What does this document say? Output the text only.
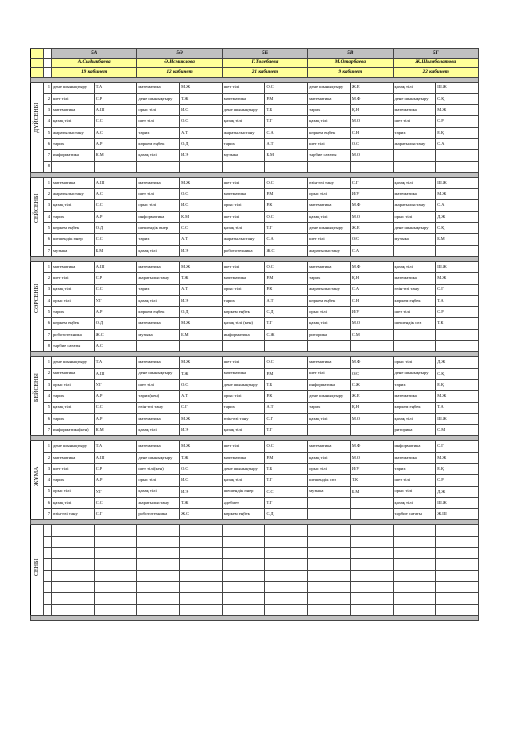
		5А		5Ә		5Б		5В		5Г	
		А.Сыдыкбаева		Ә.Исмиклова		Г.Толебаева		М.Отарбаева		Ж.Шымболатова	
		19 кабинет		12 кабинет		21 кабинет		9 кабинет		22 кабинет	

ДҮЙСЕНБІ	1	дене шынықтыру	Т.А	математика	М.Ж	шет тілі	О.С	дене шынықтыру	Ж.Е	қазақ тілі	Ш.Ж
	2	шет тілі	С.Р	дене шынықтыру	Т.Ж	математика	Р.М	математика	М.Ф	дене шынықтыру	С.Қ
	3	математика	А.Ш	орыс тілі	И.С	дене шынықтыру	Т.Б	тарих	Қ.Н	математика	М.Ж
	4	қазақ тілі	С.С	шет тілі	О.С	қазақ тілі	Т.Г	қазақ тілі	М.О	шет тілі	С.Р
	5	жаратылыстану	А.С	тарих	А.Т	жаратылыстану	С.А	көркем еңбек	С.Н	тарих	Е.Қ
	6	тарих	А.Р	көркем еңбек	О.Д	тарих	А.Т	шет тілі	О.С	жаратылыстану	С.А
	7	информатика	К.М	қазақ тілі	И.Э	музыка	Б.М	тәрбие сағаты	М.О		
	8										

СЕЙСЕНБІ	1	математика	А.Ш	математика	М.Ж	шет тілі	О.С	өзін-өзі тану	С.Г	қазақ тілі	Ш.Ж
	2	жаратылыстану	А.С	шет тілі	О.С	математика	Р.М	орыс тілі	И/У	математика	М.Ж
	3	қазақ тілі	С.С	орыс тілі	И.С	орыс тілі	Р.К	математика	М.Ф	жаратылыстану	С.А
	4	тарих	А.Р	информатика	К.М	шет тілі	О.С	қазақ тілі	М.О	орыс тілі	Д.Ж
	5	көркем еңбек	О.Д	шешендік өнер	С.С	қазақ тілі	Т.Г	дене шынықтыру	Ж.Е	дене шынықтыру	С.Қ
	6	шешендік өнер	С.С	тарих	А.Т	жаратылыстану	С.А	шет тілі	О/С	музыка	Б.М
	7	музыка	Б.М	қазақ тілі	И.Э	робототехника	Ж.С	жаратылыстану	С.А		

СӘРСЕНБІ	1	математика	А.Ш	математика	М.Ж	шет тілі	О.С	математика	М.Ф	қазақ тілі	Ш.Ж
	2	шет тілі	С.Р	жаратылыстану	Т.Ж	математика	Р.М	тарих	Қ.Н	математика	М.Ж
	3	қазақ тілі	С.С	тарих	А.Т	орыс тілі	Р.К	жаратылыстану	С.А	өзін-өзі тану	С.Г
	4	орыс тілі	У.Г	қазақ тілі	И.Э	тарих	А.Т	көркем еңбек	С.Н	көркем еңбек	Т.А
	5	тарих	А.Р	көркем еңбек	О.Д	көркем еңбек	С.Д	орыс тілі	И/У	шет тілі	С.Р
	6	көркем еңбек	О.Д	математика	М.Ж	қазақ тілі (кен)	Т.Г	қазақ тілі	М.О	шешендік сөз	Т.К
	7	робототехника	Ж.С	музыка	Б.М	информатика	С.Ж	риторика	С.М		
	8	тәрбие сағаты	А.С								

БЕЙСЕНБІ	1	дене шынықтыру	Т.А	математика	М.Ж	шет тілі	О.С	математика	М.Ф	орыс тілі	Д.Ж
	2	математика	А.Ш	дене шынықтыру	Т.Ж	математика	Р.М	шет тілі	О/С	дене шынықтыру	С.Қ
	3	орыс тілі	У.Г	шет тілі	О.С	дене шынықтыру	Т.Б	информатика	С.Ж	тарих	Е.Қ
	4	тарих	А.Р	тарих(кен)	А.Т	орыс тілі	Р.К	дене шынықтыру	Ж.Е	математика	М.Ж
	5	қазақ тілі	С.С	өзін-өзі тану	С.Г	тарих	А.Т	тарих	Қ.Н	көркем еңбек	Т.А
	6	тарих	А.Р	математика	М.Ж	өзін-өзі тану	С.Г	қазақ тілі	М.О	қазақ тілі	Ш.Ж
	7	информатика(кен)	К.М	қазақ тілі	И.Э	қазақ тілі	Т.Г			риторика	С.М

ЖҰМА	1	дене шынықтыру	Т.А	математика	М.Ж	шет тілі	О.С	математика	М.Ф	информатика	С.Г
	2	математика	А.Ш	дене шынықтыру	Т.Ж	математика	Р.М	қазақ тілі	М.О	математика	М.Ж
	3	шет тілі	С.Р	шет тілі(кен)	О.С	дене шынықтыру	Т.Б	орыс тілі	И/У	тарих	Е.Қ
	4	тарих	А.Р	орыс тілі	И.С	қазақ тілі	Т.Г	шешендік сөз	Т.К	шет тілі	С.Р
	5	орыс тілі	У.Г	қазақ тілі	И.Э	шешендік өнер	С.С	музыка	Б.М	орыс тілі	Д.Ж
	6	қазақ тілі	С.С	жаратылыстану	Т.Ж	әдебиет	Т.Г			қазақ тілі	Ш.Ж
	7	өзін-өзі тану	С.Г	робототехника	Ж.С	көркем еңбек	С.Д			тәрбие сағаты	Ж.Ш

СЕНБІ											
